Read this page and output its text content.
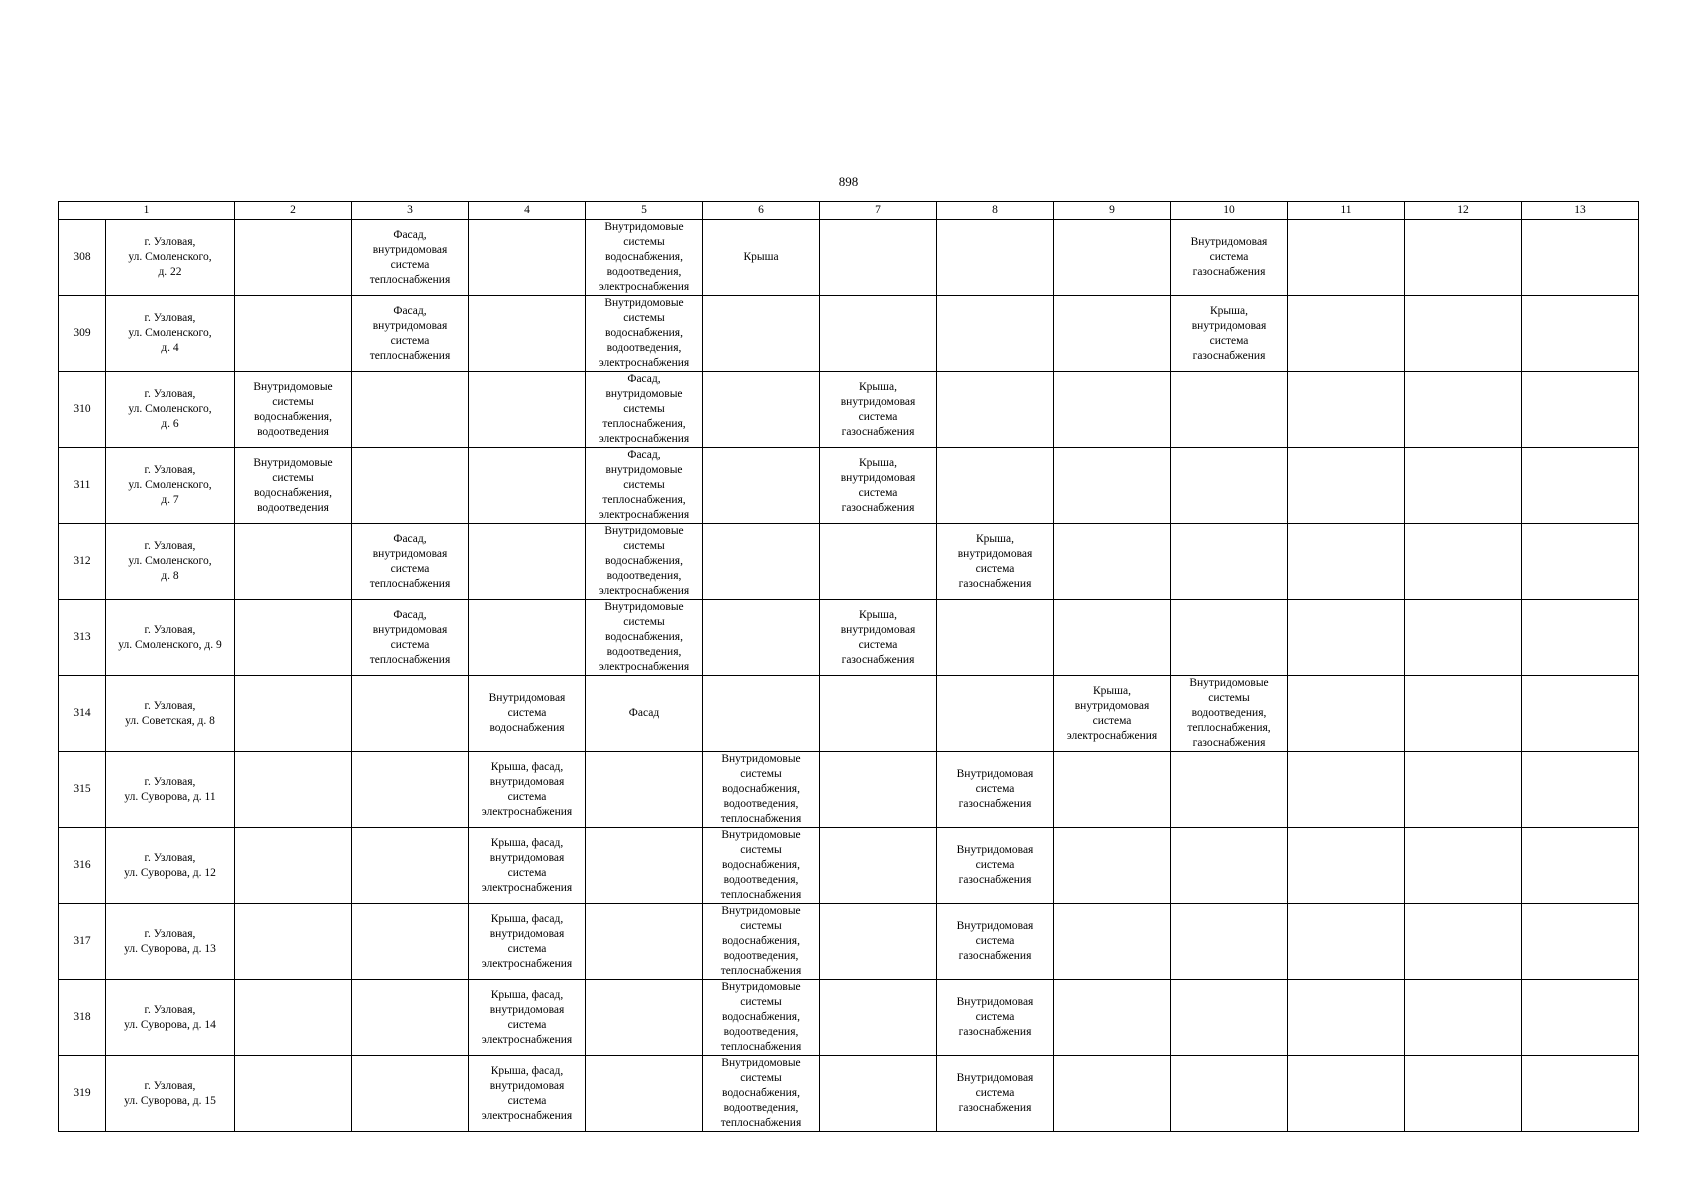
898
1		2	3	4	5	6	7	8	9	10	11	12	13
308	г. Узловая,
ул. Смоленского,
д. 22		Фасад,
внутридомовая
система
теплоснабжения		Внутридомовые
системы
водоснабжения,
водоотведения,
электроснабжения	Крыша				Внутридомовая
система
газоснабжения			

309	г. Узловая,
ул. Смоленского,
д. 4		Фасад,
внутридомовая
система
теплоснабжения		Внутридомовые
системы
водоснабжения,
водоотведения,
электроснабжения					Крыша,
внутридомовая
система
газоснабжения			

310	г. Узловая,
ул. Смоленского,
д. 6	Внутридомовые
системы
водоснабжения,
водоотведения			Фасад,
внутридомовые
системы
теплоснабжения,
электроснабжения		Крыша,
внутридомовая
система
газоснабжения						

311	г. Узловая,
ул. Смоленского,
д. 7	Внутридомовые
системы
водоснабжения,
водоотведения			Фасад,
внутридомовые
системы
теплоснабжения,
электроснабжения		Крыша,
внутридомовая
система
газоснабжения						

312	г. Узловая,
ул. Смоленского,
д. 8		Фасад,
внутридомовая
система
теплоснабжения		Внутридомовые
системы
водоснабжения,
водоотведения,
электроснабжения			Крыша,
внутридомовая
система
газоснабжения					

313	г. Узловая,
ул. Смоленского, д. 9		Фасад,
внутридомовая
система
теплоснабжения		Внутридомовые
системы
водоснабжения,
водоотведения,
электроснабжения		Крыша,
внутридомовая
система
газоснабжения						

314	г. Узловая,
ул. Советская, д. 8			Внутридомовая
система
водоснабжения	Фасад				Крыша,
внутридомовая
система
электроснабжения	Внутридомовые
системы
водоотведения,
теплоснабжения,
газоснабжения			

315	г. Узловая,
ул. Суворова, д. 11			Крыша, фасад,
внутридомовая
система
электроснабжения		Внутридомовые
системы
водоснабжения,
водоотведения,
теплоснабжения		Внутридомовая
система
газоснабжения					

316	г. Узловая,
ул. Суворова, д. 12			Крыша, фасад,
внутридомовая
система
электроснабжения		Внутридомовые
системы
водоснабжения,
водоотведения,
теплоснабжения		Внутридомовая
система
газоснабжения					

317	г. Узловая,
ул. Суворова, д. 13			Крыша, фасад,
внутридомовая
система
электроснабжения		Внутридомовые
системы
водоснабжения,
водоотведения,
теплоснабжения		Внутридомовая
система
газоснабжения					

318	г. Узловая,
ул. Суворова, д. 14			Крыша, фасад,
внутридомовая
система
электроснабжения		Внутридомовые
системы
водоснабжения,
водоотведения,
теплоснабжения		Внутридомовая
система
газоснабжения					

319	г. Узловая,
ул. Суворова, д. 15			Крыша, фасад,
внутридомовая
система
электроснабжения		Внутридомовые
системы
водоснабжения,
водоотведения,
теплоснабжения		Внутридомовая
система
газоснабжения					
